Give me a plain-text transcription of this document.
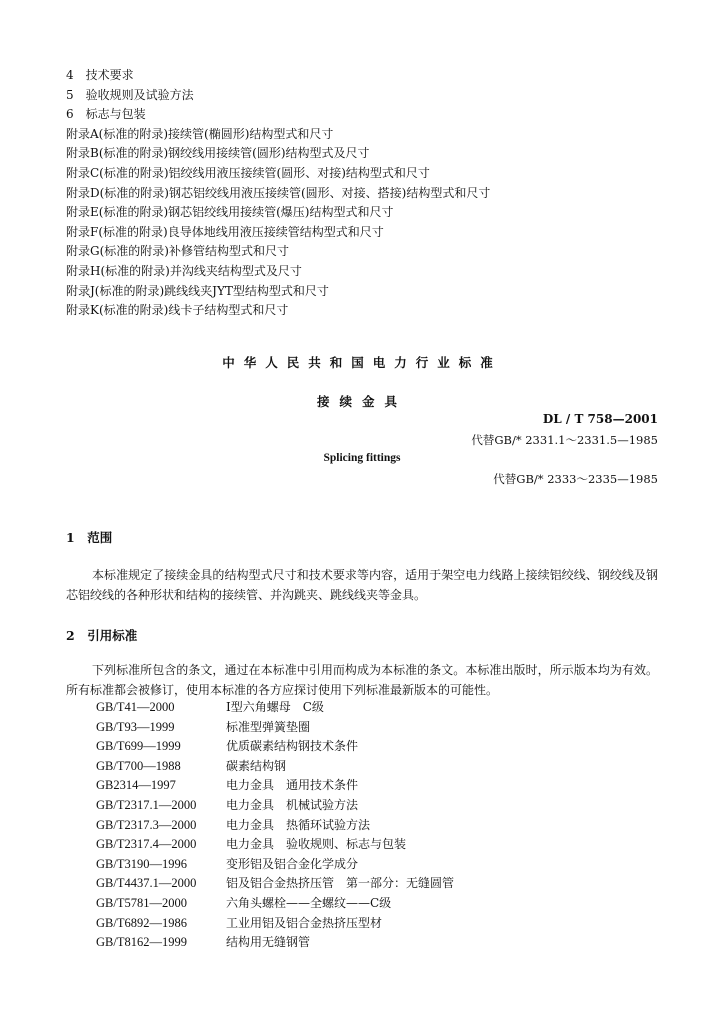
4　技术要求
5　验收规则及试验方法
6　标志与包装
附录A(标准的附录)接续管(椭圆形)结构型式和尺寸
附录B(标准的附录)钢绞线用接续管(圆形)结构型式及尺寸
附录C(标准的附录)铝绞线用液压接续管(圆形、对接)结构型式和尺寸
附录D(标准的附录)钢芯铝绞线用液压接续管(圆形、对接、搭接)结构型式和尺寸
附录E(标准的附录)钢芯铝绞线用接续管(爆压)结构型式和尺寸
附录F(标准的附录)良导体地线用液压接续管结构型式和尺寸
附录G(标准的附录)补修管结构型式和尺寸
附录H(标准的附录)并沟线夹结构型式及尺寸
附录J(标准的附录)跳线线夹JYT型结构型式和尺寸
附录K(标准的附录)线卡子结构型式和尺寸
中华人民共和国电力行业标准
接续金具
DL / T 758—2001
代替GB/* 2331.1～2331.5—1985
Splicing fittings
代替GB/* 2333～2335—1985
1　范围
本标准规定了接续金具的结构型式尺寸和技术要求等内容，适用于架空电力线路上接续铝绞线、钢绞线及钢芯铝绞线的各种形状和结构的接续管、并沟跳夹、跳线线夹等金具。
2　引用标准
下列标准所包含的条文，通过在本标准中引用而构成为本标准的条文。本标准出版时，所示版本均为有效。所有标准都会被修订，使用本标准的各方应探讨使用下列标准最新版本的可能性。
GB/T41—2000	I型六角螺母　C级
GB/T93—1999	标准型弹簧垫圈
GB/T699—1999	优质碳素结构钢技术条件
GB/T700—1988	碳素结构钢
GB2314—1997	电力金具　通用技术条件
GB/T2317.1—2000	电力金具　机械试验方法
GB/T2317.3—2000	电力金具　热循环试验方法
GB/T2317.4—2000	电力金具　验收规则、标志与包装
GB/T3190—1996	变形铝及铝合金化学成分
GB/T4437.1—2000	铝及铝合金热挤压管　第一部分：无缝圆管
GB/T5781—2000	六角头螺栓——全螺纹——C级
GB/T6892—1986	工业用铝及铝合金热挤压型材
GB/T8162—1999	结构用无缝钢管
